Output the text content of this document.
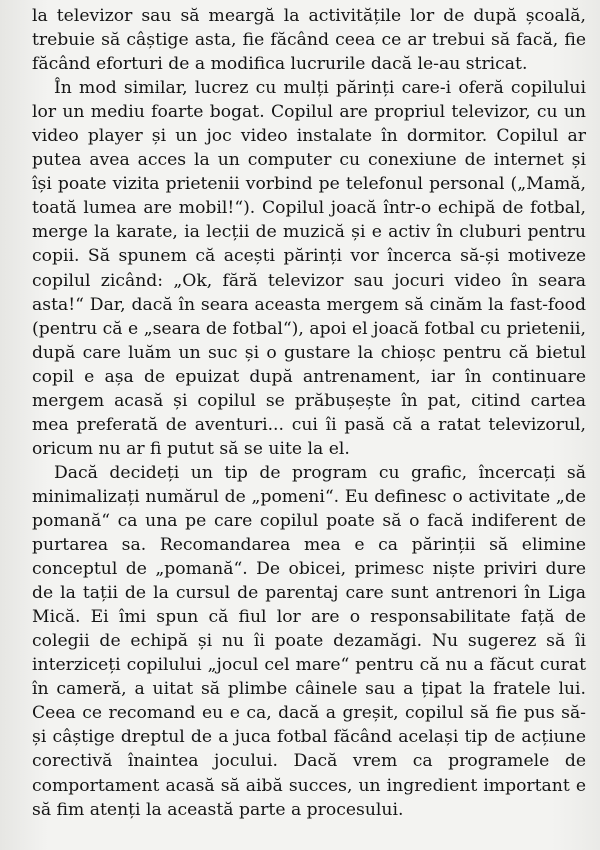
la televizor sau să meargă la activitățile lor de după școală, trebuie să câștige asta, fie făcând ceea ce ar trebui să facă, fie făcând eforturi de a modifica lucrurile dacă le-au stricat.

În mod similar, lucrez cu mulți părinți care-i oferă copilului lor un mediu foarte bogat. Copilul are propriul televizor, cu un video player și un joc video instalate în dormitor. Copilul ar putea avea acces la un computer cu conexiune de internet și își poate vizita prietenii vorbind pe telefonul personal („Mamă, toată lumea are mobil!“). Copilul joacă într-o echipă de fotbal, merge la karate, ia lecții de muzică și e activ în cluburi pentru copii. Să spunem că acești părinți vor încerca să-și motiveze copilul zicând: „Ok, fără televizor sau jocuri video în seara asta!“ Dar, dacă în seara aceasta mergem să cinăm la fast-food (pentru că e „seara de fotbal“), apoi el joacă fotbal cu prietenii, după care luăm un suc și o gustare la chioșc pentru că bietul copil e așa de epuizat după antrenament, iar în continuare mergem acasă și copilul se prăbușește în pat, citind cartea mea preferată de aventuri... cui îi pasă că a ratat televizorul, oricum nu ar fi putut să se uite la el.

Dacă decideți un tip de program cu grafic, încercați să minimalizați numărul de „pomeni“. Eu definesc o activitate „de pomană“ ca una pe care copilul poate să o facă indiferent de purtarea sa. Recomandarea mea e ca părinții să elimine conceptul de „pomană“. De obicei, primesc niște priviri dure de la tații de la cursul de parentaj care sunt antrenori în Liga Mică. Ei îmi spun că fiul lor are o responsabilitate față de colegii de echipă și nu îi poate dezamăgi. Nu sugerez să îi interziceți copilului „jocul cel mare“ pentru că nu a făcut curat în cameră, a uitat să plimbe câinele sau a țipat la fratele lui. Ceea ce recomand eu e ca, dacă a greșit, copilul să fie pus să-și câștige dreptul de a juca fotbal făcând același tip de acțiune corectivă înaintea jocului. Dacă vrem ca programele de comportament acasă să aibă succes, un ingredient important e să fim atenți la această parte a procesului.
